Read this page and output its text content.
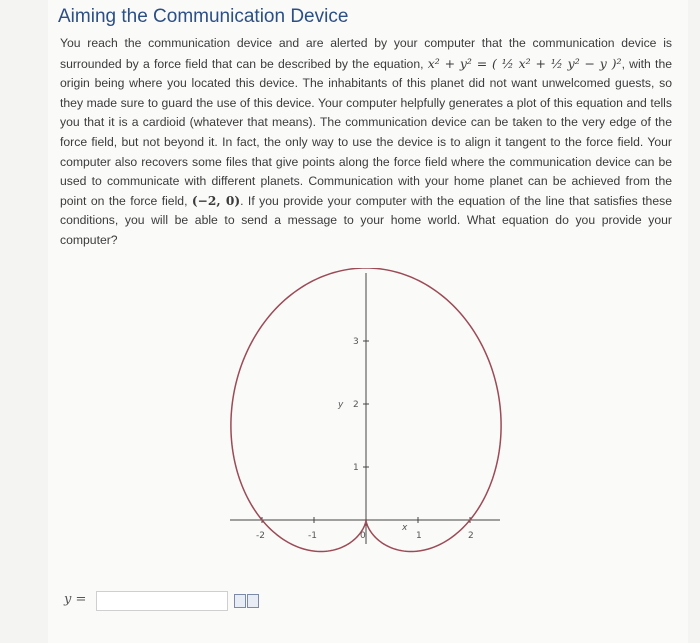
Aiming the Communication Device
You reach the communication device and are alerted by your computer that the communication device is surrounded by a force field that can be described by the equation, x² + y² = ( ½ x² + ½ y² − y )², with the origin being where you located this device. The inhabitants of this planet did not want unwelcomed guests, so they made sure to guard the use of this device. Your computer helpfully generates a plot of this equation and tells you that it is a cardioid (whatever that means). The communication device can be taken to the very edge of the force field, but not beyond it. In fact, the only way to use the device is to align it tangent to the force field. Your computer also recovers some files that give points along the force field where the communication device can be used to communicate with different planets. Communication with your home planet can be achieved from the point on the force field, (−2, 0). If you provide your computer with the equation of the line that satisfies these conditions, you will be able to send a message to your home world. What equation do you provide your computer?
-2	-1	0	1	2
x
1
2
3
y
y =
